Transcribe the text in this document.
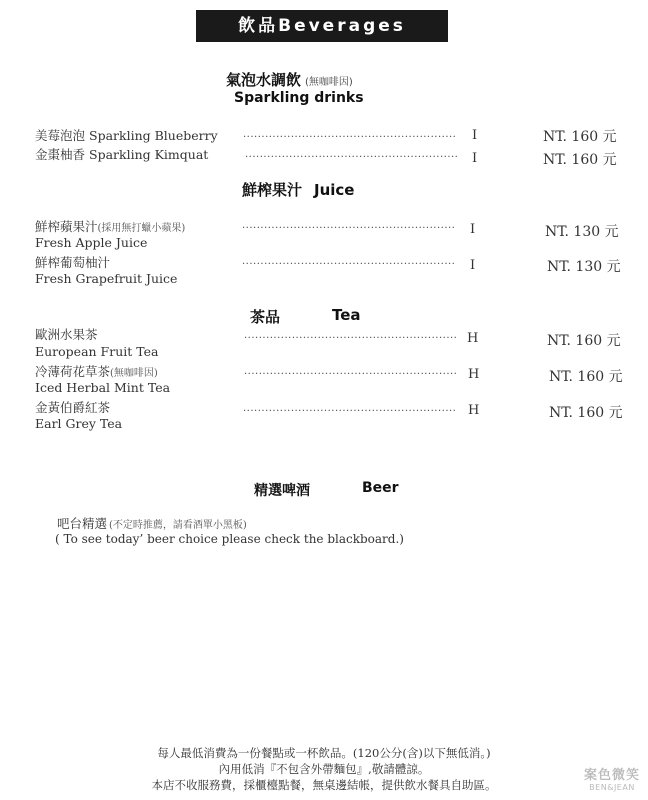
飲品Beverages
氣泡水調飲 (無咖啡因)
Sparkling drinks
美莓泡泡 Sparkling Blueberry	.......................................................... I	NT. 160 元
金棗柚香 Sparkling Kimquat	.......................................................... I	NT. 160 元
鮮榨果汁 Juice
鮮榨蘋果汁(採用無打蠟小蘋果)
Fresh Apple Juice
.......................................................... I	NT. 130 元
鮮榨葡萄柚汁
Fresh Grapefruit Juice
.......................................................... I	NT. 130 元
茶品	Tea
歐洲水果茶
European Fruit Tea
.......................................................... H	NT. 160 元
冷薄荷花草茶(無咖啡因)
Iced Herbal Mint Tea
.......................................................... H	NT. 160 元
金黃伯爵紅茶
Earl Grey Tea
.......................................................... H	NT. 160 元
精選啤酒	Beer
吧台精選 (不定時推薦，請看酒單小黑板)
( To see today’ beer choice please check the blackboard.)
每人最低消費為一份餐點或一杯飲品。(120公分(含)以下無低消。)
內用低消『不包含外帶麵包』,敬請體諒。
本店不收服務費，採櫃檯點餐，無桌邊結帳，提供飲水餐具自助區。
案色微笑
BEN&JEAN
